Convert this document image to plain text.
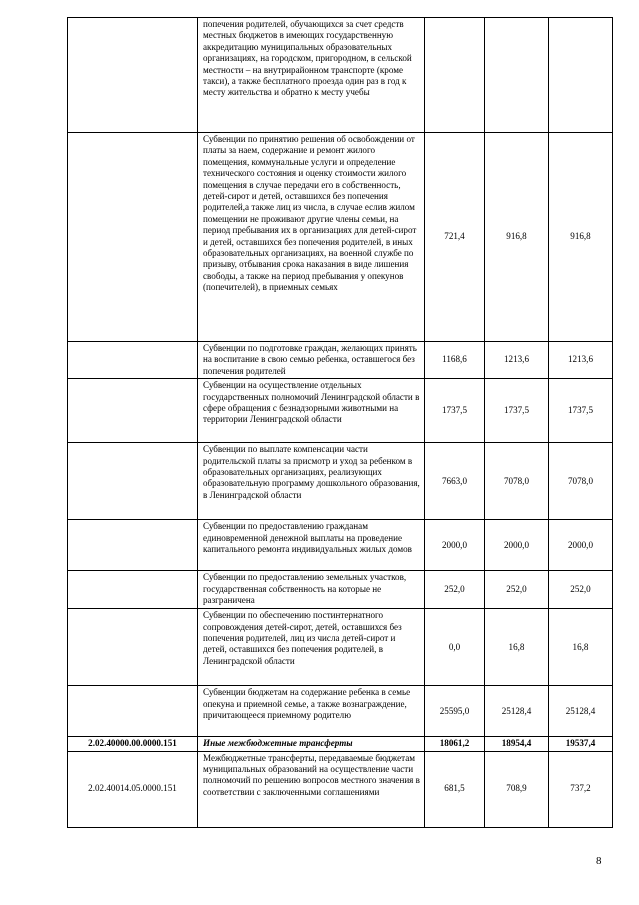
	попечения родителей, обучающихся за счет средств местных бюджетов в имеющих государственную аккредитацию муниципальных образовательных организациях, на городском, пригородном, в сельской местности – на внутрирайонном транспорте (кроме такси), а также бесплатного проезда один раз в год к месту жительства и обратно к месту учебы			
	Субвенции по принятию решения об освобождении от платы за наем, содержание и ремонт жилого помещения, коммунальные услуги и определение технического состояния и оценку стоимости жилого помещения в случае передачи его в собственность, детей-сирот и детей, оставшихся без попечения родителей,а также лиц из числа, в случае еслив жилом помещении не проживают другие члены семьи, на период пребывания их в организациях для детей-сирот и детей, оставшихся без попечения родителей, в иных образовательных организациях, на военной службе по призыву, отбывания срока наказания в виде лишения свободы, а также на период пребывания у опекунов (попечителей), в приемных семьях	721,4	916,8	916,8
	Субвенции по подготовке граждан, желающих принять на воспитание в свою семью ребенка, оставшегося без попечения родителей	1168,6	1213,6	1213,6
	Субвенции на осуществление отдельных государственных полномочий Ленинградской области в сфере обращения с безнадзорными животными на территории Ленинградской области	1737,5	1737,5	1737,5
	Субвенции по выплате компенсации части родительской платы за присмотр и уход за ребенком в образовательных организациях, реализующих образовательную программу дошкольного образования, в Ленинградской области	7663,0	7078,0	7078,0
	Субвенции по предоставлению гражданам единовременной денежной выплаты на проведение капитального ремонта индивидуальных жилых домов	2000,0	2000,0	2000,0
	Субвенции по предоставлению земельных участков, государственная собственность на которые не разграничена	252,0	252,0	252,0
	Субвенции по обеспечению постинтернатного сопровождения детей-сирот, детей, оставшихся без попечения родителей, лиц из числа детей-сирот и детей, оставшихся без попечения родителей, в Ленинградской области	0,0	16,8	16,8
	Субвенции бюджетам на содержание ребенка в семье опекуна и приемной семье, а также вознаграждение, причитающееся приемному родителю	25595,0	25128,4	25128,4
2.02.40000.00.0000.151	Иные межбюджетные трансферты	18061,2	18954,4	19537,4
2.02.40014.05.0000.151	Межбюджетные трансферты, передаваемые бюджетам муниципальных образований на осуществление части полномочий по решению вопросов местного значения в соответствии с заключенными соглашениями	681,5	708,9	737,2
8
